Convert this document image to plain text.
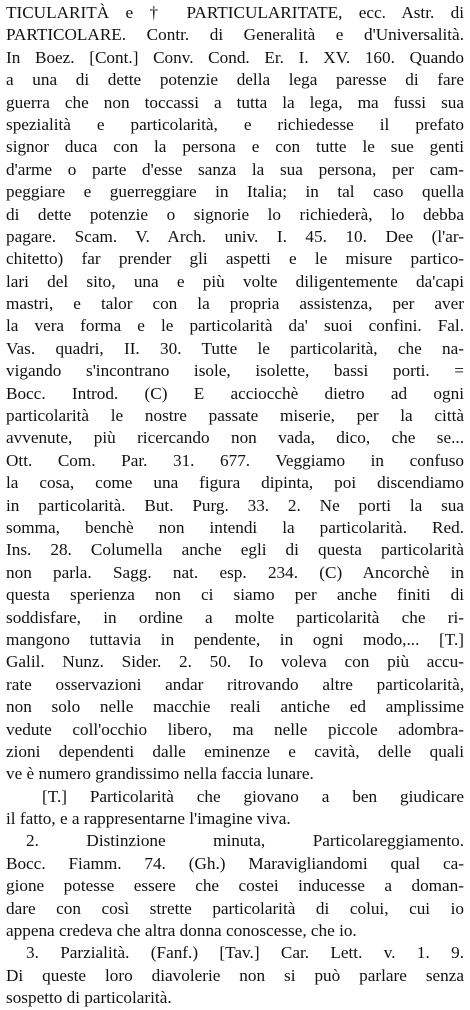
TICULARITÀ e † PARTICULARITATE, ecc. Astr. di
PARTICOLARE. Contr. di Generalità e d'Universalità.
In Boez. [Cont.] Conv. Cond. Er. I. XV. 160. Quando
a una di dette potenzie della lega paresse di fare
guerra che non toccassi a tutta la lega, ma fussi sua
spezialità e particolarità, e richiedesse il prefato
signor duca con la persona e con tutte le sue genti
d'arme o parte d'esse sanza la sua persona, per cam-
peggiare e guerreggiare in Italia; in tal caso quella
di dette potenzie o signorie lo richiederà, lo debba
pagare. Scam. V. Arch. univ. I. 45. 10. Dee (l'ar-
chitetto) far prender gli aspetti e le misure partico-
lari del sito, una e più volte diligentemente da'capi
mastri, e talor con la propria assistenza, per aver
la vera forma e le particolarità da' suoi confini. Fal.
Vas. quadri, II. 30. Tutte le particolarità, che na-
vigando s'incontrano isole, isolette, bassi porti. =
Bocc. Introd. (C) E acciocchè dietro ad ogni
particolarità le nostre passate miserie, per la città
avvenute, più ricercando non vada, dico, che se...
Ott. Com. Par. 31. 677. Veggiamo in confuso
la cosa, come una figura dipinta, poi discendiamo
in particolarità. But. Purg. 33. 2. Ne porti la sua
somma, benchè non intendi la particolarità. Red.
Ins. 28. Columella anche egli di questa particolarità
non parla. Sagg. nat. esp. 234. (C) Ancorchè in
questa sperienza non ci siamo per anche finiti di
soddisfare, in ordine a molte particolarità che ri-
mangono tuttavia in pendente, in ogni modo,... [T.]
Galil. Nunz. Sider. 2. 50. Io voleva con più accu-
rate osservazioni andar ritrovando altre particolarità,
non solo nelle macchie reali antiche ed amplissime
vedute coll'occhio libero, ma nelle piccole adombra-
zioni dependenti dalle eminenze e cavità, delle quali
ve è numero grandissimo nella faccia lunare.
[T.] Particolarità che giovano a ben giudicare
il fatto, e a rappresentarne l'imagine viva.
2. Distinzione minuta, Particolareggiamento.
Bocc. Fiamm. 74. (Gh.) Maravigliandomi qual ca-
gione potesse essere che costei inducesse a doman-
dare con così strette particolarità di colui, cui io
appena credeva che altra donna conoscesse, che io.
3. Parzialità. (Fanf.) [Tav.] Car. Lett. v. 1. 9.
Di queste loro diavolerie non si può parlare senza
sospetto di particolarità.
